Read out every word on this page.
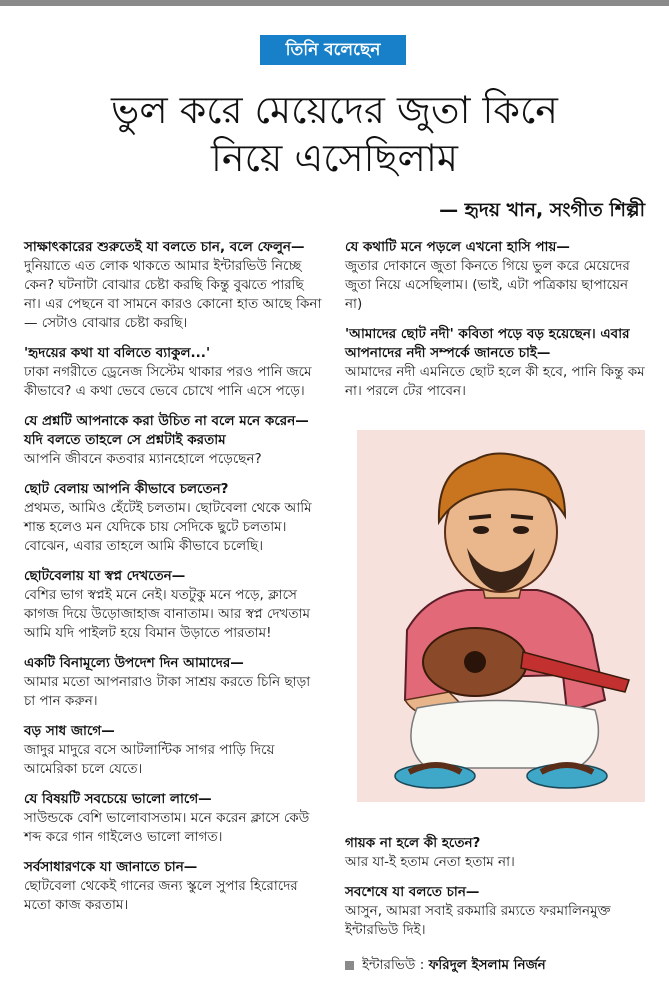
তিনি বলেছেন
ভুল করে মেয়েদের জুতা কিনে
নিয়ে এসেছিলাম
— হৃদয় খান, সংগীত শিল্পী
সাক্ষাৎকারের শুরুতেই যা বলতে চান, বলে ফেলুন—
দুনিয়াতে এত লোক থাকতে আমার ইন্টারভিউ নিচ্ছে কেন? ঘটনাটা বোঝার চেষ্টা করছি কিন্তু বুঝতে পারছি না। এর পেছনে বা সামনে কারও কোনো হাত আছে কিনা— সেটাও বোঝার চেষ্টা করছি।
'হৃদয়ের কথা যা বলিতে ব্যাকুল...'
ঢাকা নগরীতে ড্রেনেজ সিস্টেম থাকার পরও পানি জমে কীভাবে? এ কথা ভেবে ভেবে চোখে পানি এসে পড়ে।
যে প্রশ্নটি আপনাকে করা উচিত না বলে মনে করেন— যদি বলতে তাহলে সে প্রশ্নটাই করতাম
আপনি জীবনে কতবার ম্যানহোলে পড়েছেন?
ছোট বেলায় আপনি কীভাবে চলতেন?
প্রথমত, আমিও হেঁটেই চলতাম। ছোটবেলা থেকে আমি শান্ত হলেও মন যেদিকে চায় সেদিকে ছুটে চলতাম। বোঝেন, এবার তাহলে আমি কীভাবে চলেছি।
ছোটবেলায় যা স্বপ্ন দেখতেন—
বেশির ভাগ স্বপ্নই মনে নেই। যতটুকু মনে পড়ে, ক্লাসে কাগজ দিয়ে উড়োজাহাজ বানাতাম। আর স্বপ্ন দেখতাম আমি যদি পাইলট হয়ে বিমান উড়াতে পারতাম!
একটি বিনামূল্যে উপদেশ দিন আমাদের—
আমার মতো আপনারাও টাকা সাশ্রয় করতে চিনি ছাড়া চা পান করুন।
বড় সাধ জাগে—
জাদুর মাদুরে বসে আটলান্টিক সাগর পাড়ি দিয়ে আমেরিকা চলে যেতে।
যে বিষয়টি সবচেয়ে ভালো লাগে—
সাউন্ডকে বেশি ভালোবাসতাম। মনে করেন ক্লাসে কেউ শব্দ করে গান গাইলেও ভালো লাগত।
সর্বসাধারণকে যা জানাতে চান—
ছোটবেলা থেকেই গানের জন্য স্কুলে সুপার হিরোদের মতো কাজ করতাম।
যে কথাটি মনে পড়লে এখনো হাসি পায়—
জুতার দোকানে জুতা কিনতে গিয়ে ভুল করে মেয়েদের জুতা নিয়ে এসেছিলাম। (ভাই, এটা পত্রিকায় ছাপায়েন না)
'আমাদের ছোট নদী' কবিতা পড়ে বড় হয়েছেন। এবার আপনাদের নদী সম্পর্কে জানতে চাই—
আমাদের নদী এমনিতে ছোট হলে কী হবে, পানি কিন্তু কম না। পরলে টের পাবেন।
গায়ক না হলে কী হতেন?
আর যা-ই হতাম নেতা হতাম না।
সবশেষে যা বলতে চান—
আসুন, আমরা সবাই রকমারি রম্যতে ফরমালিনমুক্ত ইন্টারভিউ দিই।
ইন্টারভিউ : ফরিদুল ইসলাম নির্জন
